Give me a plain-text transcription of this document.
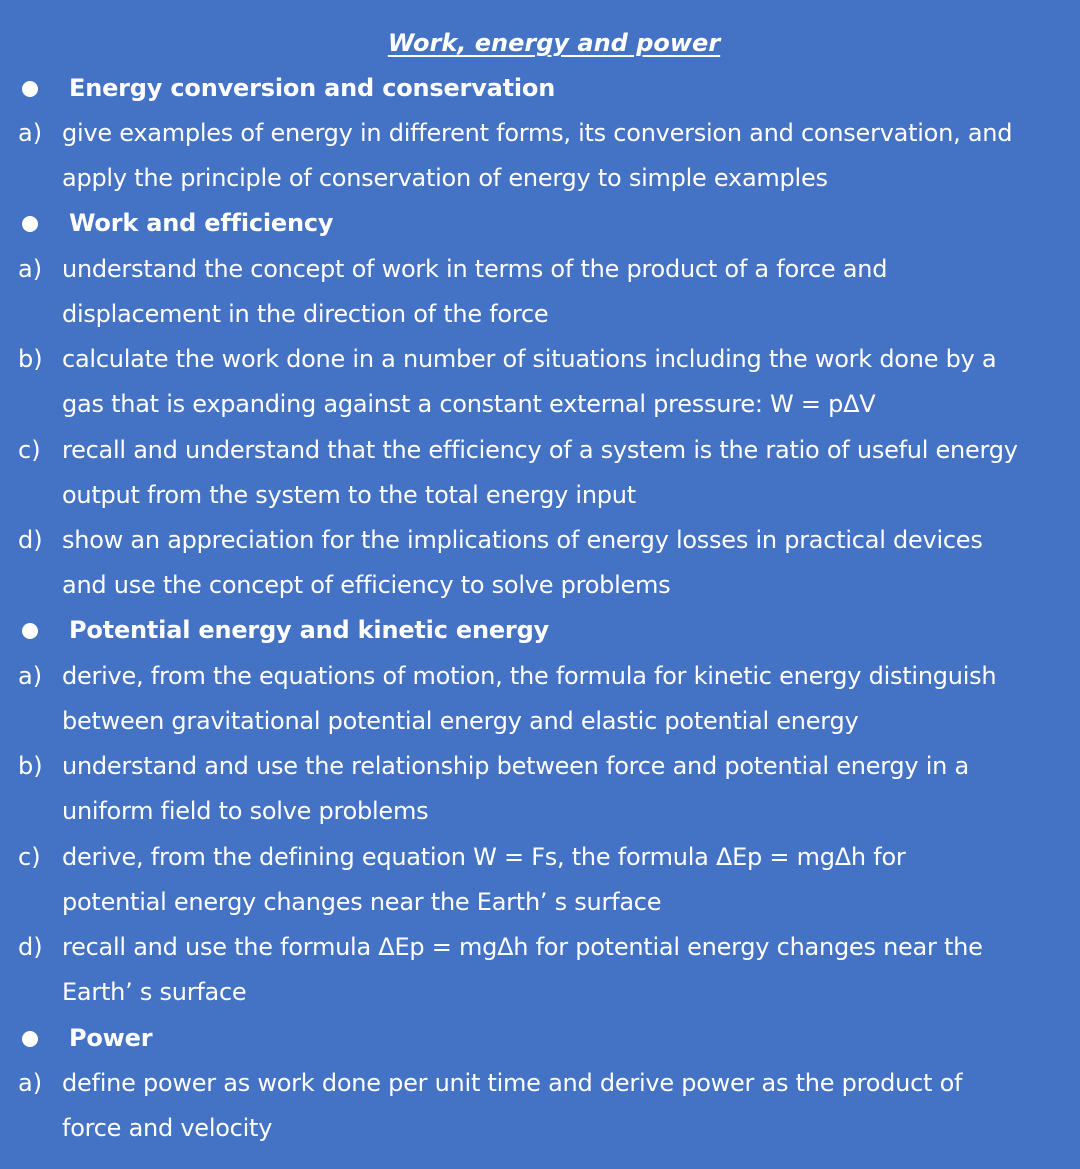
Work, energy and power
Energy conversion and conservation
a) give examples of energy in different forms, its conversion and conservation, and
apply the principle of conservation of energy to simple examples
Work and efficiency
a) understand the concept of work in terms of the product of a force and
displacement in the direction of the force
b) calculate the work done in a number of situations including the work done by a
gas that is expanding against a constant external pressure: W = pΔV
c) recall and understand that the efficiency of a system is the ratio of useful energy
output from the system to the total energy input
d) show an appreciation for the implications of energy losses in practical devices
and use the concept of efficiency to solve problems
Potential energy and kinetic energy
a) derive, from the equations of motion, the formula for kinetic energy distinguish
between gravitational potential energy and elastic potential energy
b) understand and use the relationship between force and potential energy in a
uniform field to solve problems
c) derive, from the defining equation W = Fs, the formula ΔEp = mgΔh for
potential energy changes near the Earth’ s surface
d) recall and use the formula ΔEp = mgΔh for potential energy changes near the
Earth’ s surface
Power
a) define power as work done per unit time and derive power as the product of
force and velocity
